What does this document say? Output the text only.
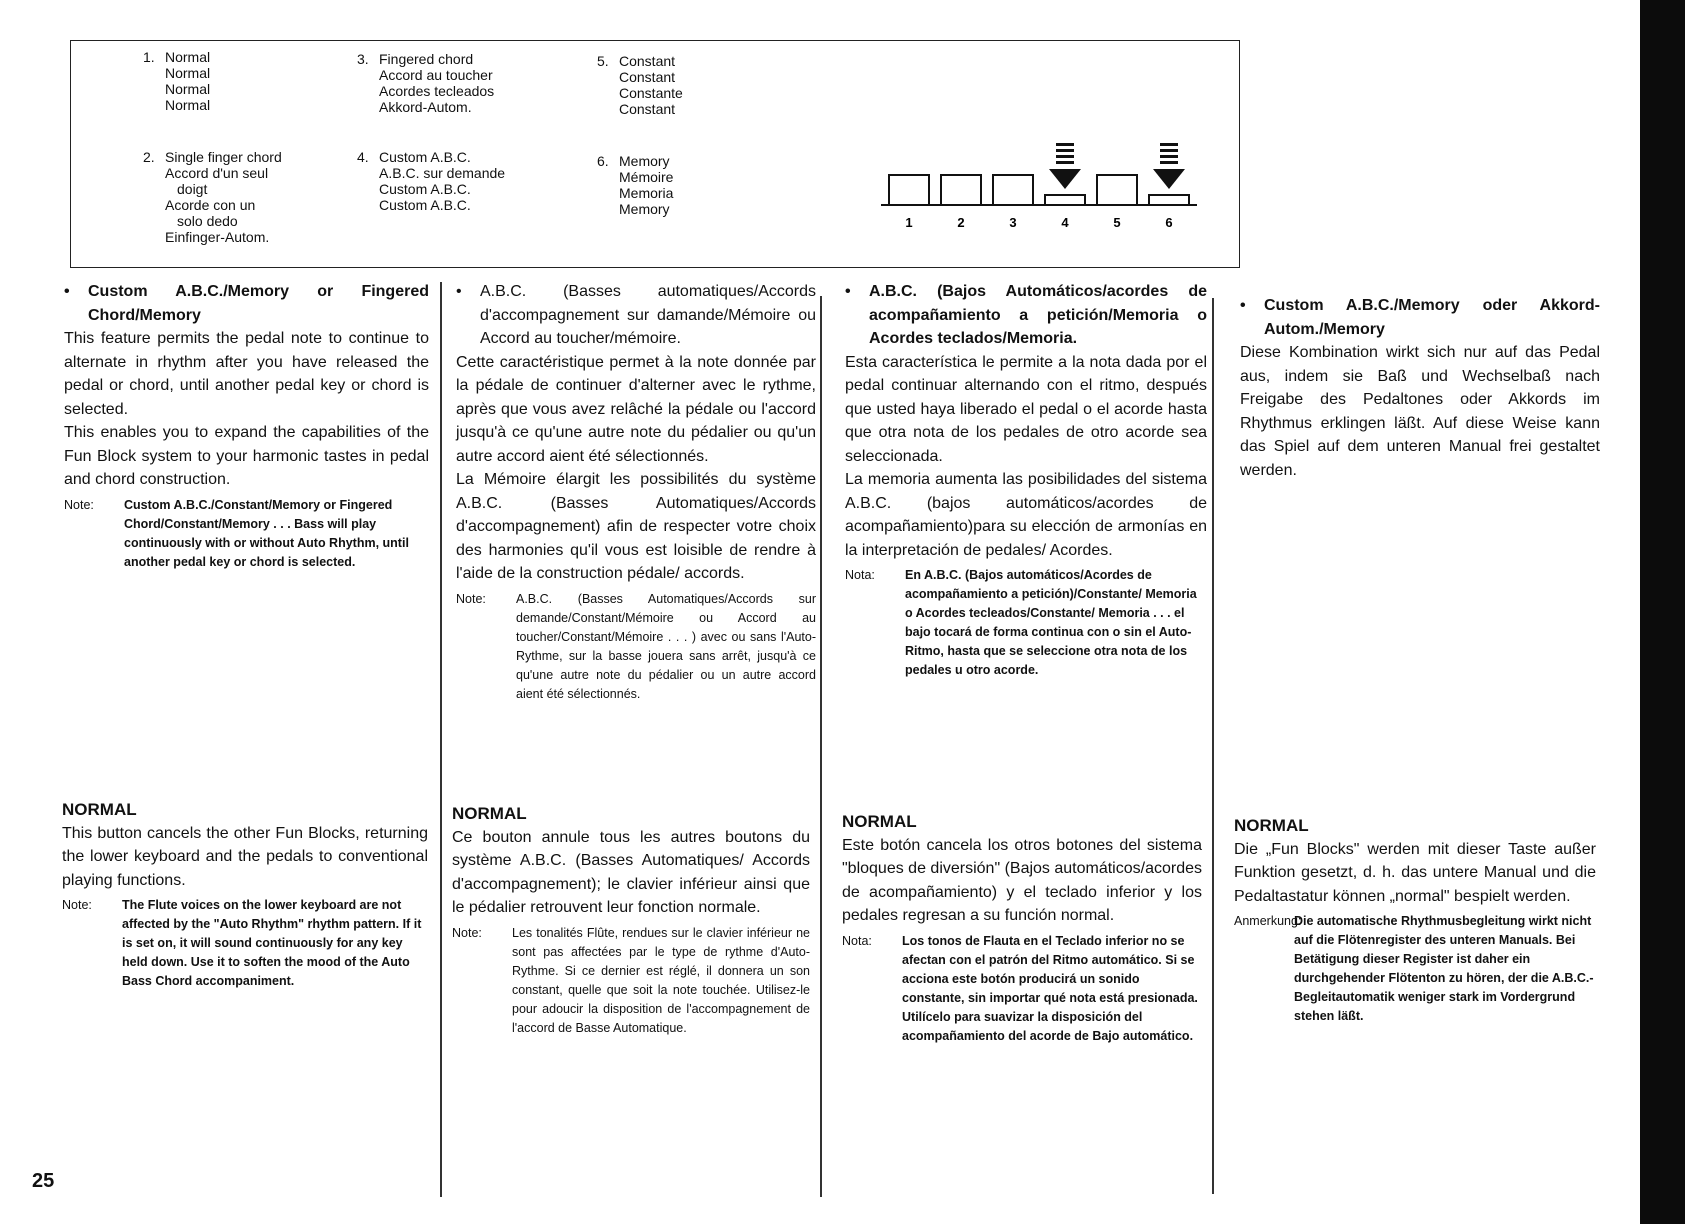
1. Normal
Normal
Normal
Normal
2. Single finger chord
Accord d'un seul
doigt
Acorde con un
solo dedo
Einfinger-Autom.
3. Fingered chord
Accord au toucher
Acordes tecleados
Akkord-Autom.
4. Custom A.B.C.
A.B.C. sur demande
Custom A.B.C.
Custom A.B.C.
5. Constant
Constant
Constante
Constant
6. Memory
Mémoire
Memoria
Memory
1	2	3	4	5	6

• Custom A.B.C./Memory or Fingered Chord/Memory

This feature permits the pedal note to continue to alternate in rhythm after you have released the pedal or chord, until another pedal key or chord is selected.

This enables you to expand the capabilities of the Fun Block system to your harmonic tastes in pedal and chord construction.

Note:	Custom A.B.C./Constant/Memory or Fingered Chord/Constant/Memory . . . Bass will play continuously with or without Auto Rhythm, until another pedal key or chord is selected.

• A.B.C. (Basses automatiques/Accords d'accompagnement sur damande/Mémoire ou Accord au toucher/mémoire.

Cette caractéristique permet à la note donnée par la pédale de continuer d'alterner avec le rythme, après que vous avez relâché la pédale ou l'accord jusqu'à ce qu'une autre note du pédalier ou qu'un autre accord aient été sélectionnés.

La Mémoire élargit les possibilités du système A.B.C. (Basses Automatiques/Accords d'accompagnement) afin de respecter votre choix des harmonies qu'il vous est loisible de rendre à l'aide de la construction pédale/ accords.

Note:	A.B.C. (Basses Automatiques/Accords sur demande/Constant/Mémoire ou Accord au toucher/Constant/Mémoire . . . ) avec ou sans l'Auto-Rythme, sur la basse jouera sans arrêt, jusqu'à ce qu'une autre note du pédalier ou un autre accord aient été sélectionnés.

• A.B.C. (Bajos Automáticos/acordes de acompañamiento a petición/Memoria o Acordes teclados/Memoria.

Esta característica le permite a la nota dada por el pedal continuar alternando con el ritmo, después que usted haya liberado el pedal o el acorde hasta que otra nota de los pedales de otro acorde sea seleccionada.

La memoria aumenta las posibilidades del sistema A.B.C. (bajos automáticos/acordes de acompañamiento)para su elección de armonías en la interpretación de pedales/ Acordes.

Nota:	En A.B.C. (Bajos automáticos/Acordes de acompañamiento a petición)/Constante/ Memoria o Acordes tecleados/Constante/ Memoria . . . el bajo tocará de forma continua con o sin el Auto-Ritmo, hasta que se seleccione otra nota de los pedales u otro acorde.

• Custom A.B.C./Memory oder Akkord-Autom./Memory

Diese Kombination wirkt sich nur auf das Pedal aus, indem sie Baß und Wechselbaß nach Freigabe des Pedaltones oder Akkords im Rhythmus erklingen läßt. Auf diese Weise kann das Spiel auf dem unteren Manual frei gestaltet werden.

NORMAL

This button cancels the other Fun Blocks, returning the lower keyboard and the pedals to conventional playing functions.

Note:	The Flute voices on the lower keyboard are not affected by the "Auto Rhythm" rhythm pattern. If it is set on, it will sound continuously for any key held down. Use it to soften the mood of the Auto Bass Chord accompaniment.

NORMAL

Ce bouton annule tous les autres boutons du système A.B.C. (Basses Automatiques/ Accords d'accompagnement); le clavier inférieur ainsi que le pédalier retrouvent leur fonction normale.

Note:	Les tonalités Flûte, rendues sur le clavier inférieur ne sont pas affectées par le type de rythme d'Auto-Rythme. Si ce dernier est réglé, il donnera un son constant, quelle que soit la note touchée. Utilisez-le pour adoucir la disposition de l'accompagnement de l'accord de Basse Automatique.

NORMAL

Este botón cancela los otros botones del sistema "bloques de diversión" (Bajos automáticos/acordes de acompañamiento) y el teclado inferior y los pedales regresan a su función normal.

Nota:	Los tonos de Flauta en el Teclado inferior no se afectan con el patrón del Ritmo automático. Si se acciona este botón producirá un sonido constante, sin importar qué nota está presionada. Utilícelo para suavizar la disposición del acompañamiento del acorde de Bajo automático.

NORMAL

Die „Fun Blocks" werden mit dieser Taste außer Funktion gesetzt, d. h. das untere Manual und die Pedaltastatur können „normal" bespielt werden.

Anmerkung:
Die automatische Rhythmusbegleitung wirkt nicht auf die Flötenregister des unteren Manuals. Bei Betätigung dieser Register ist daher ein durchgehender Flötenton zu hören, der die A.B.C.-Begleitautomatik weniger stark im Vordergrund stehen läßt.
25
